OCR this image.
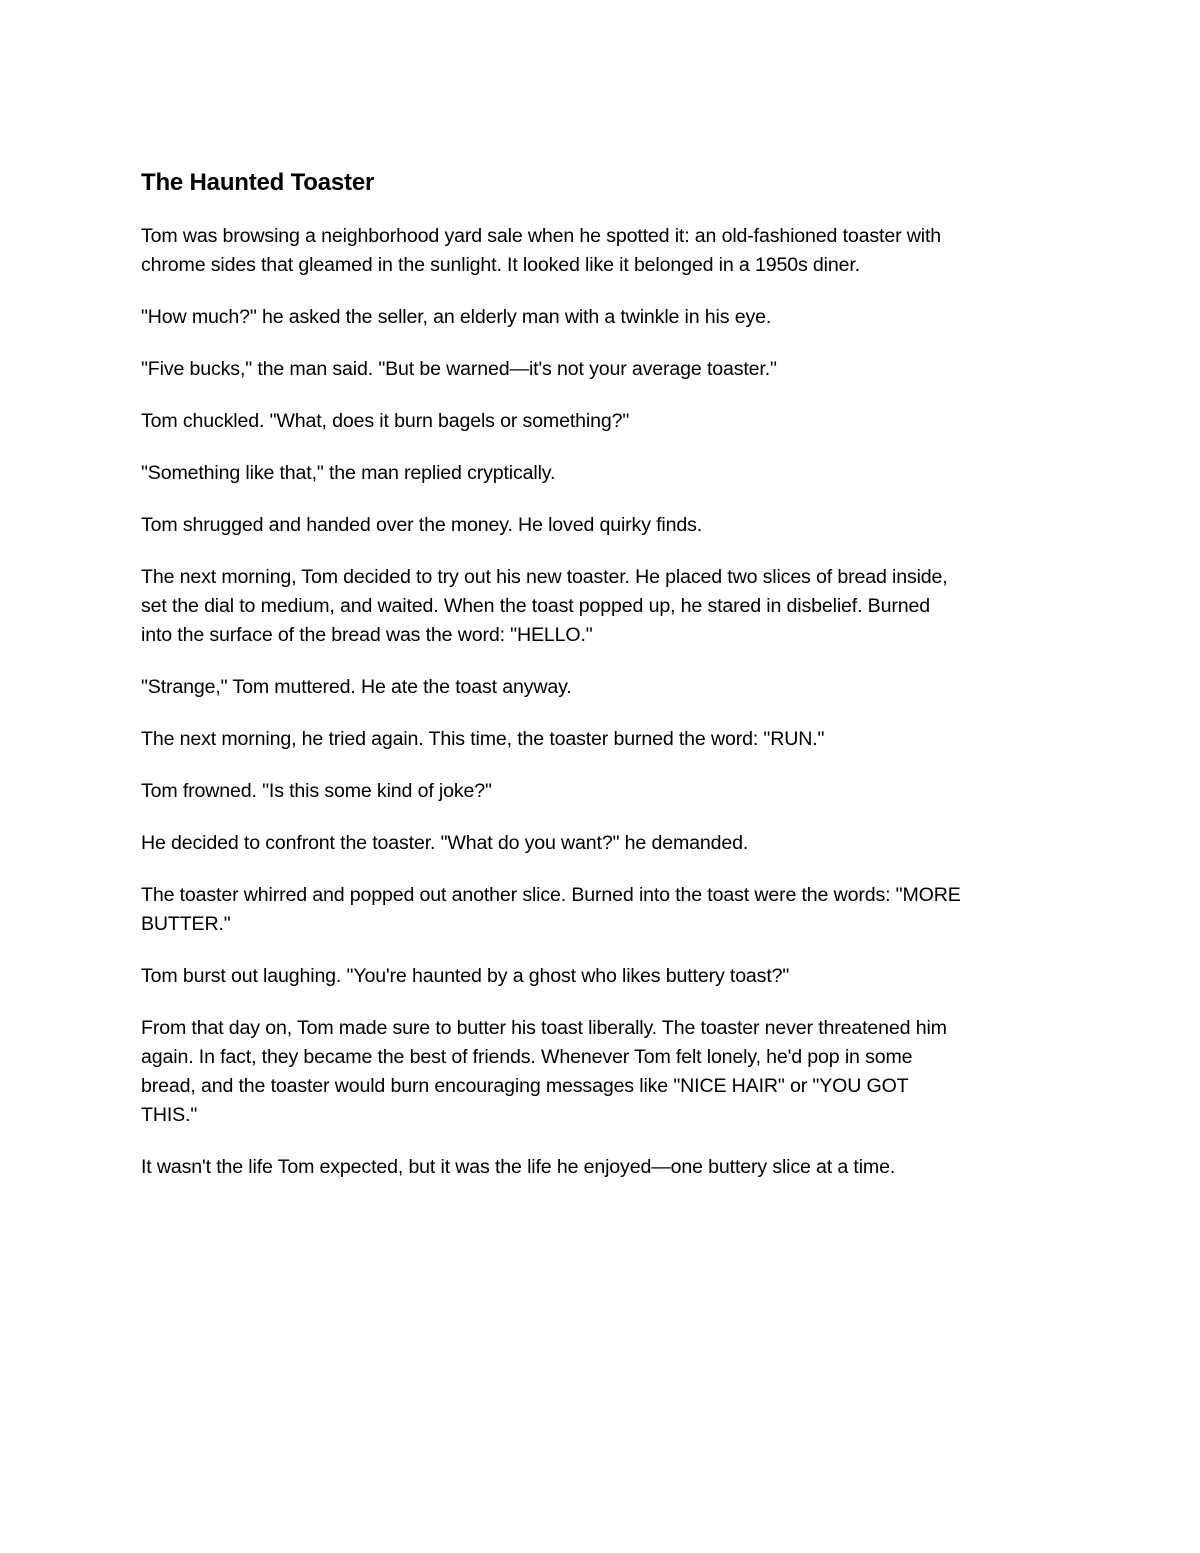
The Haunted Toaster

Tom was browsing a neighborhood yard sale when he spotted it: an old-fashioned toaster with
chrome sides that gleamed in the sunlight. It looked like it belonged in a 1950s diner.

"How much?" he asked the seller, an elderly man with a twinkle in his eye.

"Five bucks," the man said. "But be warned—it's not your average toaster."

Tom chuckled. "What, does it burn bagels or something?"

"Something like that," the man replied cryptically.

Tom shrugged and handed over the money. He loved quirky finds.

The next morning, Tom decided to try out his new toaster. He placed two slices of bread inside,
set the dial to medium, and waited. When the toast popped up, he stared in disbelief. Burned
into the surface of the bread was the word: "HELLO."

"Strange," Tom muttered. He ate the toast anyway.

The next morning, he tried again. This time, the toaster burned the word: "RUN."

Tom frowned. "Is this some kind of joke?"

He decided to confront the toaster. "What do you want?" he demanded.

The toaster whirred and popped out another slice. Burned into the toast were the words: "MORE
BUTTER."

Tom burst out laughing. "You're haunted by a ghost who likes buttery toast?"

From that day on, Tom made sure to butter his toast liberally. The toaster never threatened him
again. In fact, they became the best of friends. Whenever Tom felt lonely, he'd pop in some
bread, and the toaster would burn encouraging messages like "NICE HAIR" or "YOU GOT
THIS."

It wasn't the life Tom expected, but it was the life he enjoyed—one buttery slice at a time.
